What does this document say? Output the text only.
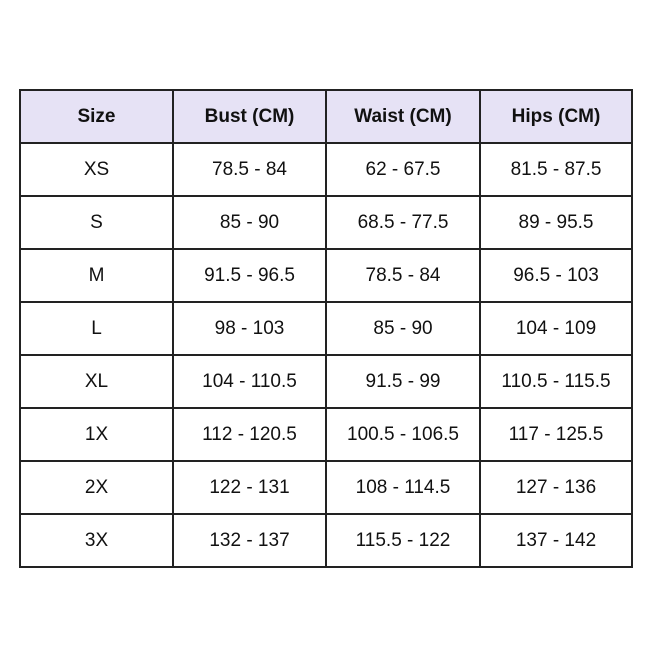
Size	Bust (CM)	Waist (CM)	Hips (CM)
XS	78.5 - 84	62 - 67.5	81.5 - 87.5
S	85 - 90	68.5 - 77.5	89 - 95.5
M	91.5 - 96.5	78.5 - 84	96.5 - 103
L	98 - 103	85 - 90	104 - 109
XL	104 - 110.5	91.5 - 99	110.5 - 115.5
1X	112 - 120.5	100.5 - 106.5	117 - 125.5
2X	122 - 131	108 - 114.5	127 - 136
3X	132 - 137	115.5 - 122	137 - 142
